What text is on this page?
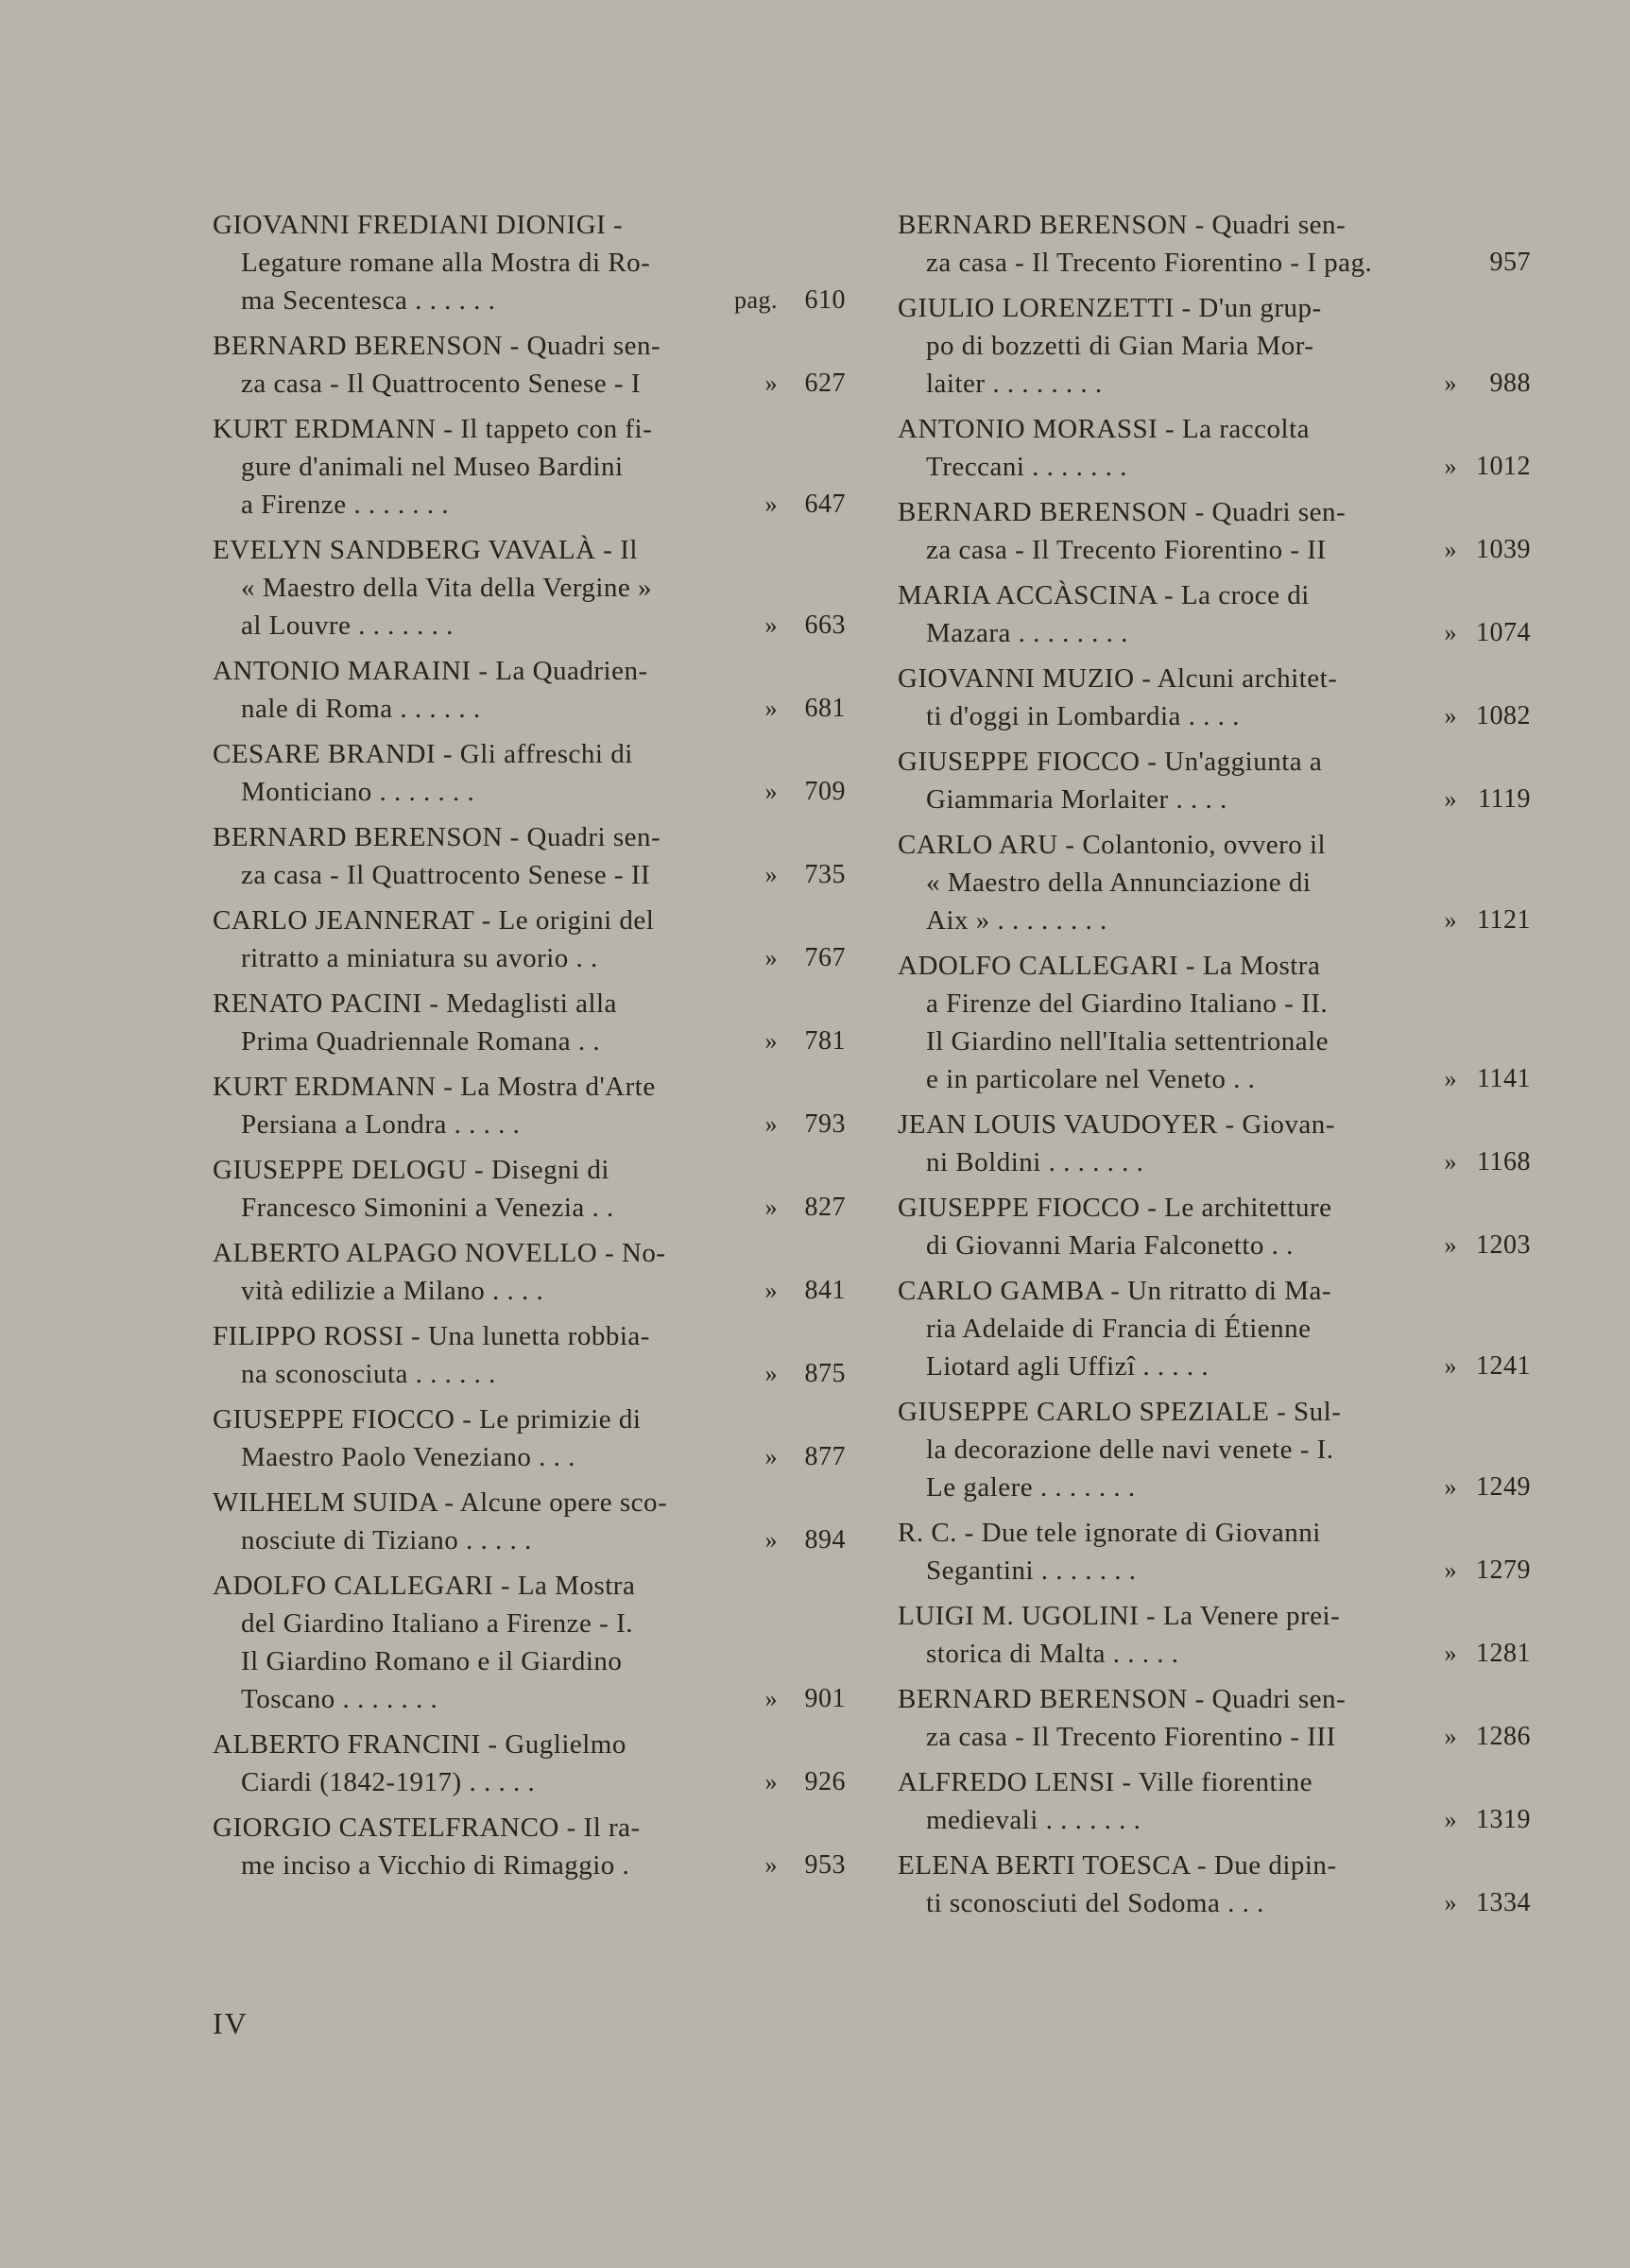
GIOVANNI FREDIANI DIONIGI -
Legature romane alla Mostra di Ro-
ma Secentesca . . . . . .	pag.	610
BERNARD BERENSON - Quadri sen-
za casa - Il Quattrocento Senese - I	»	627
KURT ERDMANN - Il tappeto con fi-
gure d'animali nel Museo Bardini
a Firenze . . . . . . .	»	647
EVELYN SANDBERG VAVALÀ - Il
« Maestro della Vita della Vergine »
al Louvre . . . . . . .	»	663
ANTONIO MARAINI - La Quadrien-
nale di Roma . . . . . .	»	681
CESARE BRANDI - Gli affreschi di
Monticiano . . . . . . .	»	709
BERNARD BERENSON - Quadri sen-
za casa - Il Quattrocento Senese - II	»	735
CARLO JEANNERAT - Le origini del
ritratto a miniatura su avorio . .	»	767
RENATO PACINI - Medaglisti alla
Prima Quadriennale Romana . .	»	781
KURT ERDMANN - La Mostra d'Arte
Persiana a Londra . . . . .	»	793
GIUSEPPE DELOGU - Disegni di
Francesco Simonini a Venezia . .	»	827
ALBERTO ALPAGO NOVELLO - No-
vità edilizie a Milano . . . .	»	841
FILIPPO ROSSI - Una lunetta robbia-
na sconosciuta . . . . . .	»	875
GIUSEPPE FIOCCO - Le primizie di
Maestro Paolo Veneziano . . .	»	877
WILHELM SUIDA - Alcune opere sco-
nosciute di Tiziano . . . . .	»	894
ADOLFO CALLEGARI - La Mostra
del Giardino Italiano a Firenze - I.
Il Giardino Romano e il Giardino
Toscano . . . . . . .	»	901
ALBERTO FRANCINI - Guglielmo
Ciardi (1842-1917) . . . . .	»	926
GIORGIO CASTELFRANCO - Il ra-
me inciso a Vicchio di Rimaggio .	»	953
BERNARD BERENSON - Quadri sen-
za casa - Il Trecento Fiorentino - I pag.	957
GIULIO LORENZETTI - D'un grup-
po di bozzetti di Gian Maria Mor-
laiter . . . . . . . .	»	988
ANTONIO MORASSI - La raccolta
Treccani . . . . . . .	» 1012
BERNARD BERENSON - Quadri sen-
za casa - Il Trecento Fiorentino - II	» 1039
MARIA ACCÀSCINA - La croce di
Mazara . . . . . . . .	» 1074
GIOVANNI MUZIO - Alcuni architet-
ti d'oggi in Lombardia . . . .	» 1082
GIUSEPPE FIOCCO - Un'aggiunta a
Giammaria Morlaiter . . . .	» 1119
CARLO ARU - Colantonio, ovvero il
« Maestro della Annunciazione di
Aix » . . . . . . . .	» 1121
ADOLFO CALLEGARI - La Mostra
a Firenze del Giardino Italiano - II.
Il Giardino nell'Italia settentrionale
e in particolare nel Veneto . .	» 1141
JEAN LOUIS VAUDOYER - Giovan-
ni Boldini . . . . . . .	» 1168
GIUSEPPE FIOCCO - Le architetture
di Giovanni Maria Falconetto . .	» 1203
CARLO GAMBA - Un ritratto di Ma-
ria Adelaide di Francia di Étienne
Liotard agli Uffizî . . . . .	» 1241
GIUSEPPE CARLO SPEZIALE - Sul-
la decorazione delle navi venete - I.
Le galere . . . . . . .	» 1249
R. C. - Due tele ignorate di Giovanni
Segantini . . . . . . .	» 1279
LUIGI M. UGOLINI - La Venere prei-
storica di Malta . . . . .	» 1281
BERNARD BERENSON - Quadri sen-
za casa - Il Trecento Fiorentino - III	» 1286
ALFREDO LENSI - Ville fiorentine
medievali . . . . . . .	» 1319
ELENA BERTI TOESCA - Due dipin-
ti sconosciuti del Sodoma . . .	» 1334
IV
